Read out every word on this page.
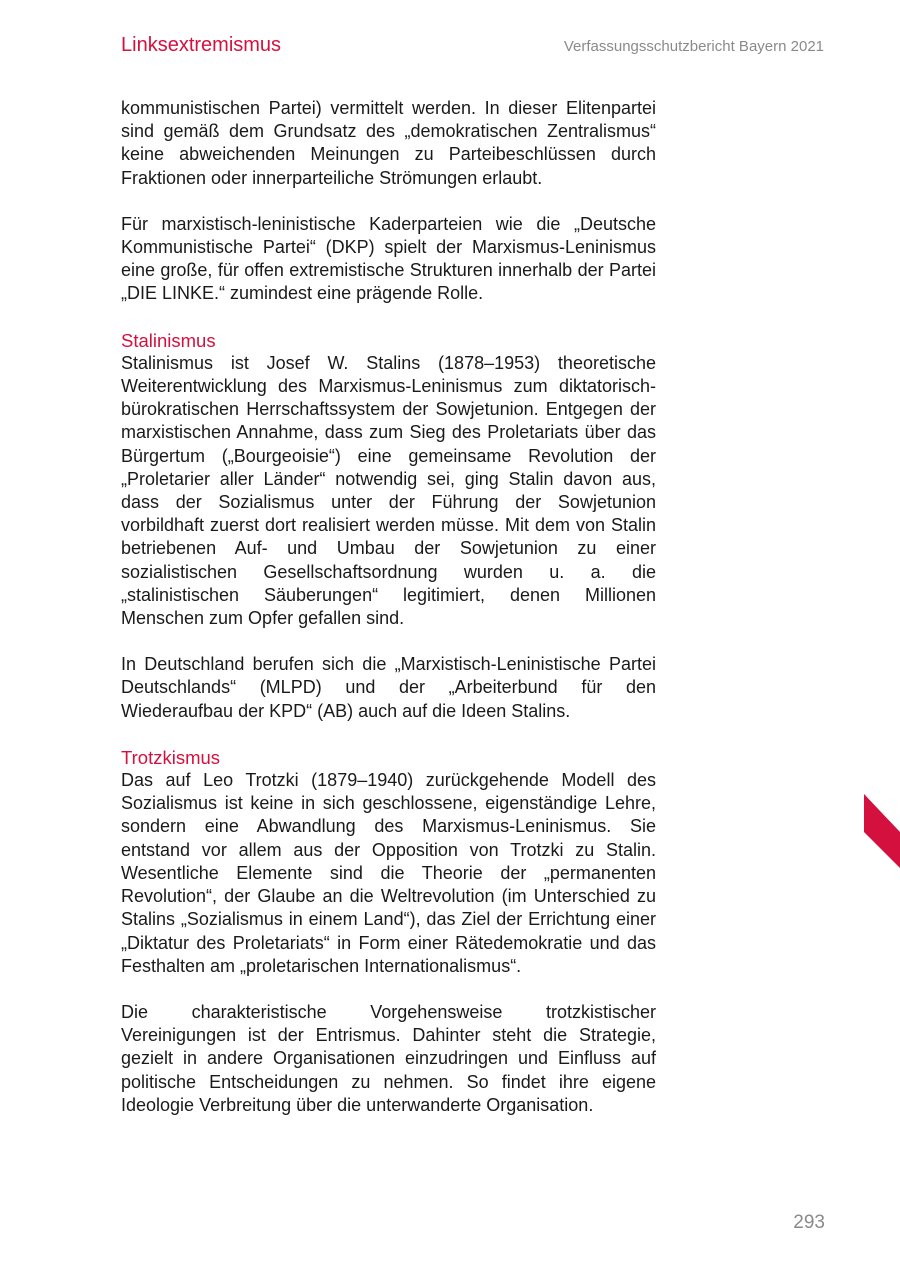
Linksextremismus	Verfassungsschutzbericht Bayern 2021

kommunistischen Partei) vermittelt werden. In dieser Elitenpartei sind gemäß dem Grundsatz des „demokratischen Zentralismus“ keine abweichenden Meinungen zu Parteibeschlüssen durch Fraktionen oder innerparteiliche Strömungen erlaubt.

Für marxistisch-leninistische Kaderparteien wie die „Deutsche Kommunistische Partei“ (DKP) spielt der Marxismus-Leninismus eine große, für offen extremistische Strukturen innerhalb der Partei „DIE LINKE.“ zumindest eine prägende Rolle.

Stalinismus

Stalinismus ist Josef W. Stalins (1878–1953) theoretische Weiterentwicklung des Marxismus-Leninismus zum diktatorisch-bürokratischen Herrschaftssystem der Sowjetunion. Entgegen der marxistischen Annahme, dass zum Sieg des Proletariats über das Bürgertum („Bourgeoisie“) eine gemeinsame Revolution der „Proletarier aller Länder“ notwendig sei, ging Stalin davon aus, dass der Sozialismus unter der Führung der Sowjetunion vorbildhaft zuerst dort realisiert werden müsse. Mit dem von Stalin betriebenen Auf- und Umbau der Sowjetunion zu einer sozialistischen Gesellschaftsordnung wurden u. a. die „stalinistischen Säuberungen“ legitimiert, denen Millionen Menschen zum Opfer gefallen sind.

In Deutschland berufen sich die „Marxistisch-Leninistische Partei Deutschlands“ (MLPD) und der „Arbeiterbund für den Wiederaufbau der KPD“ (AB) auch auf die Ideen Stalins.

Trotzkismus

Das auf Leo Trotzki (1879–1940) zurückgehende Modell des Sozialismus ist keine in sich geschlossene, eigenständige Lehre, sondern eine Abwandlung des Marxismus-Leninismus. Sie entstand vor allem aus der Opposition von Trotzki zu Stalin. Wesentliche Elemente sind die Theorie der „permanenten Revolution“, der Glaube an die Weltrevolution (im Unterschied zu Stalins „Sozialismus in einem Land“), das Ziel der Errichtung einer „Diktatur des Proletariats“ in Form einer Rätedemokratie und das Festhalten am „proletarischen Internationalismus“.

Die charakteristische Vorgehensweise trotzkistischer Vereinigungen ist der Entrismus. Dahinter steht die Strategie, gezielt in andere Organisationen einzudringen und Einfluss auf politische Entscheidungen zu nehmen. So findet ihre eigene Ideologie Verbreitung über die unterwanderte Organisation.

293
